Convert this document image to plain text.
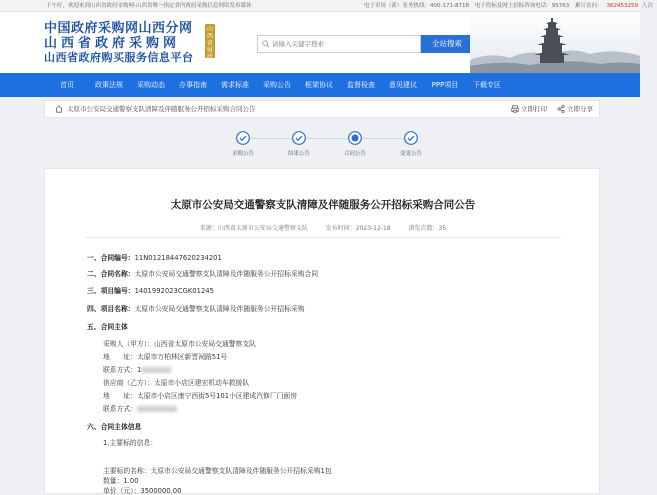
下午好，欢迎来到山西省政府采购网-山西省唯一指定省内政府采购信息网络发布媒体	电子卖场（新）业务热线：400-171-8718 电子投标及网上招标咨询电话：95763 累计访问： 362453259 人次
中国政府采购网山西分网
山西省政府采购网
山西省政府购买服务信息平台
山西省财政厅
请输入关键字搜索
全站搜索
首页	政策法规	采购动态	办事指南	需求标准	采购公告	框架协议	监督检查	意见建议	PPP项目	下载专区
太原市公安局交通警察支队清障及伴随服务公开招标采购合同公告	立即打印	立即分享
采购公告	结果公告	合同公告	变更公告
太原市公安局交通警察支队清障及伴随服务公开招标采购合同公告
来源：山西省太原市公安局交通警察支队	发布时间：2023-12-18	浏览次数：35
一、合同编号：11N012184476​20234201
二、合同名称：太原市公安局交通警察支队清障及伴随服务公开招标采购合同
三、项目编号：1401992023CGK01245
四、项目名称：太原市公安局交通警察支队清障及伴随服务公开招标采购
五、合同主体
采购人（甲方）：山西省太原市公安局交通警察支队
地　　址：太原市万柏林区新晋祠路51号
联系方式：1
供应商（乙方）：太原市小店区建宏机动车救援队
地　　址：太原市小店区康宁西街5号101小区建成汽修厂门面房
联系方式：
六、合同主体信息
1.主要标的信息：
主要标的名称：太原市公安局交通警察支队清障及伴随服务公开招标采购1包
数量：1.00
单价（元）：3500000.00
